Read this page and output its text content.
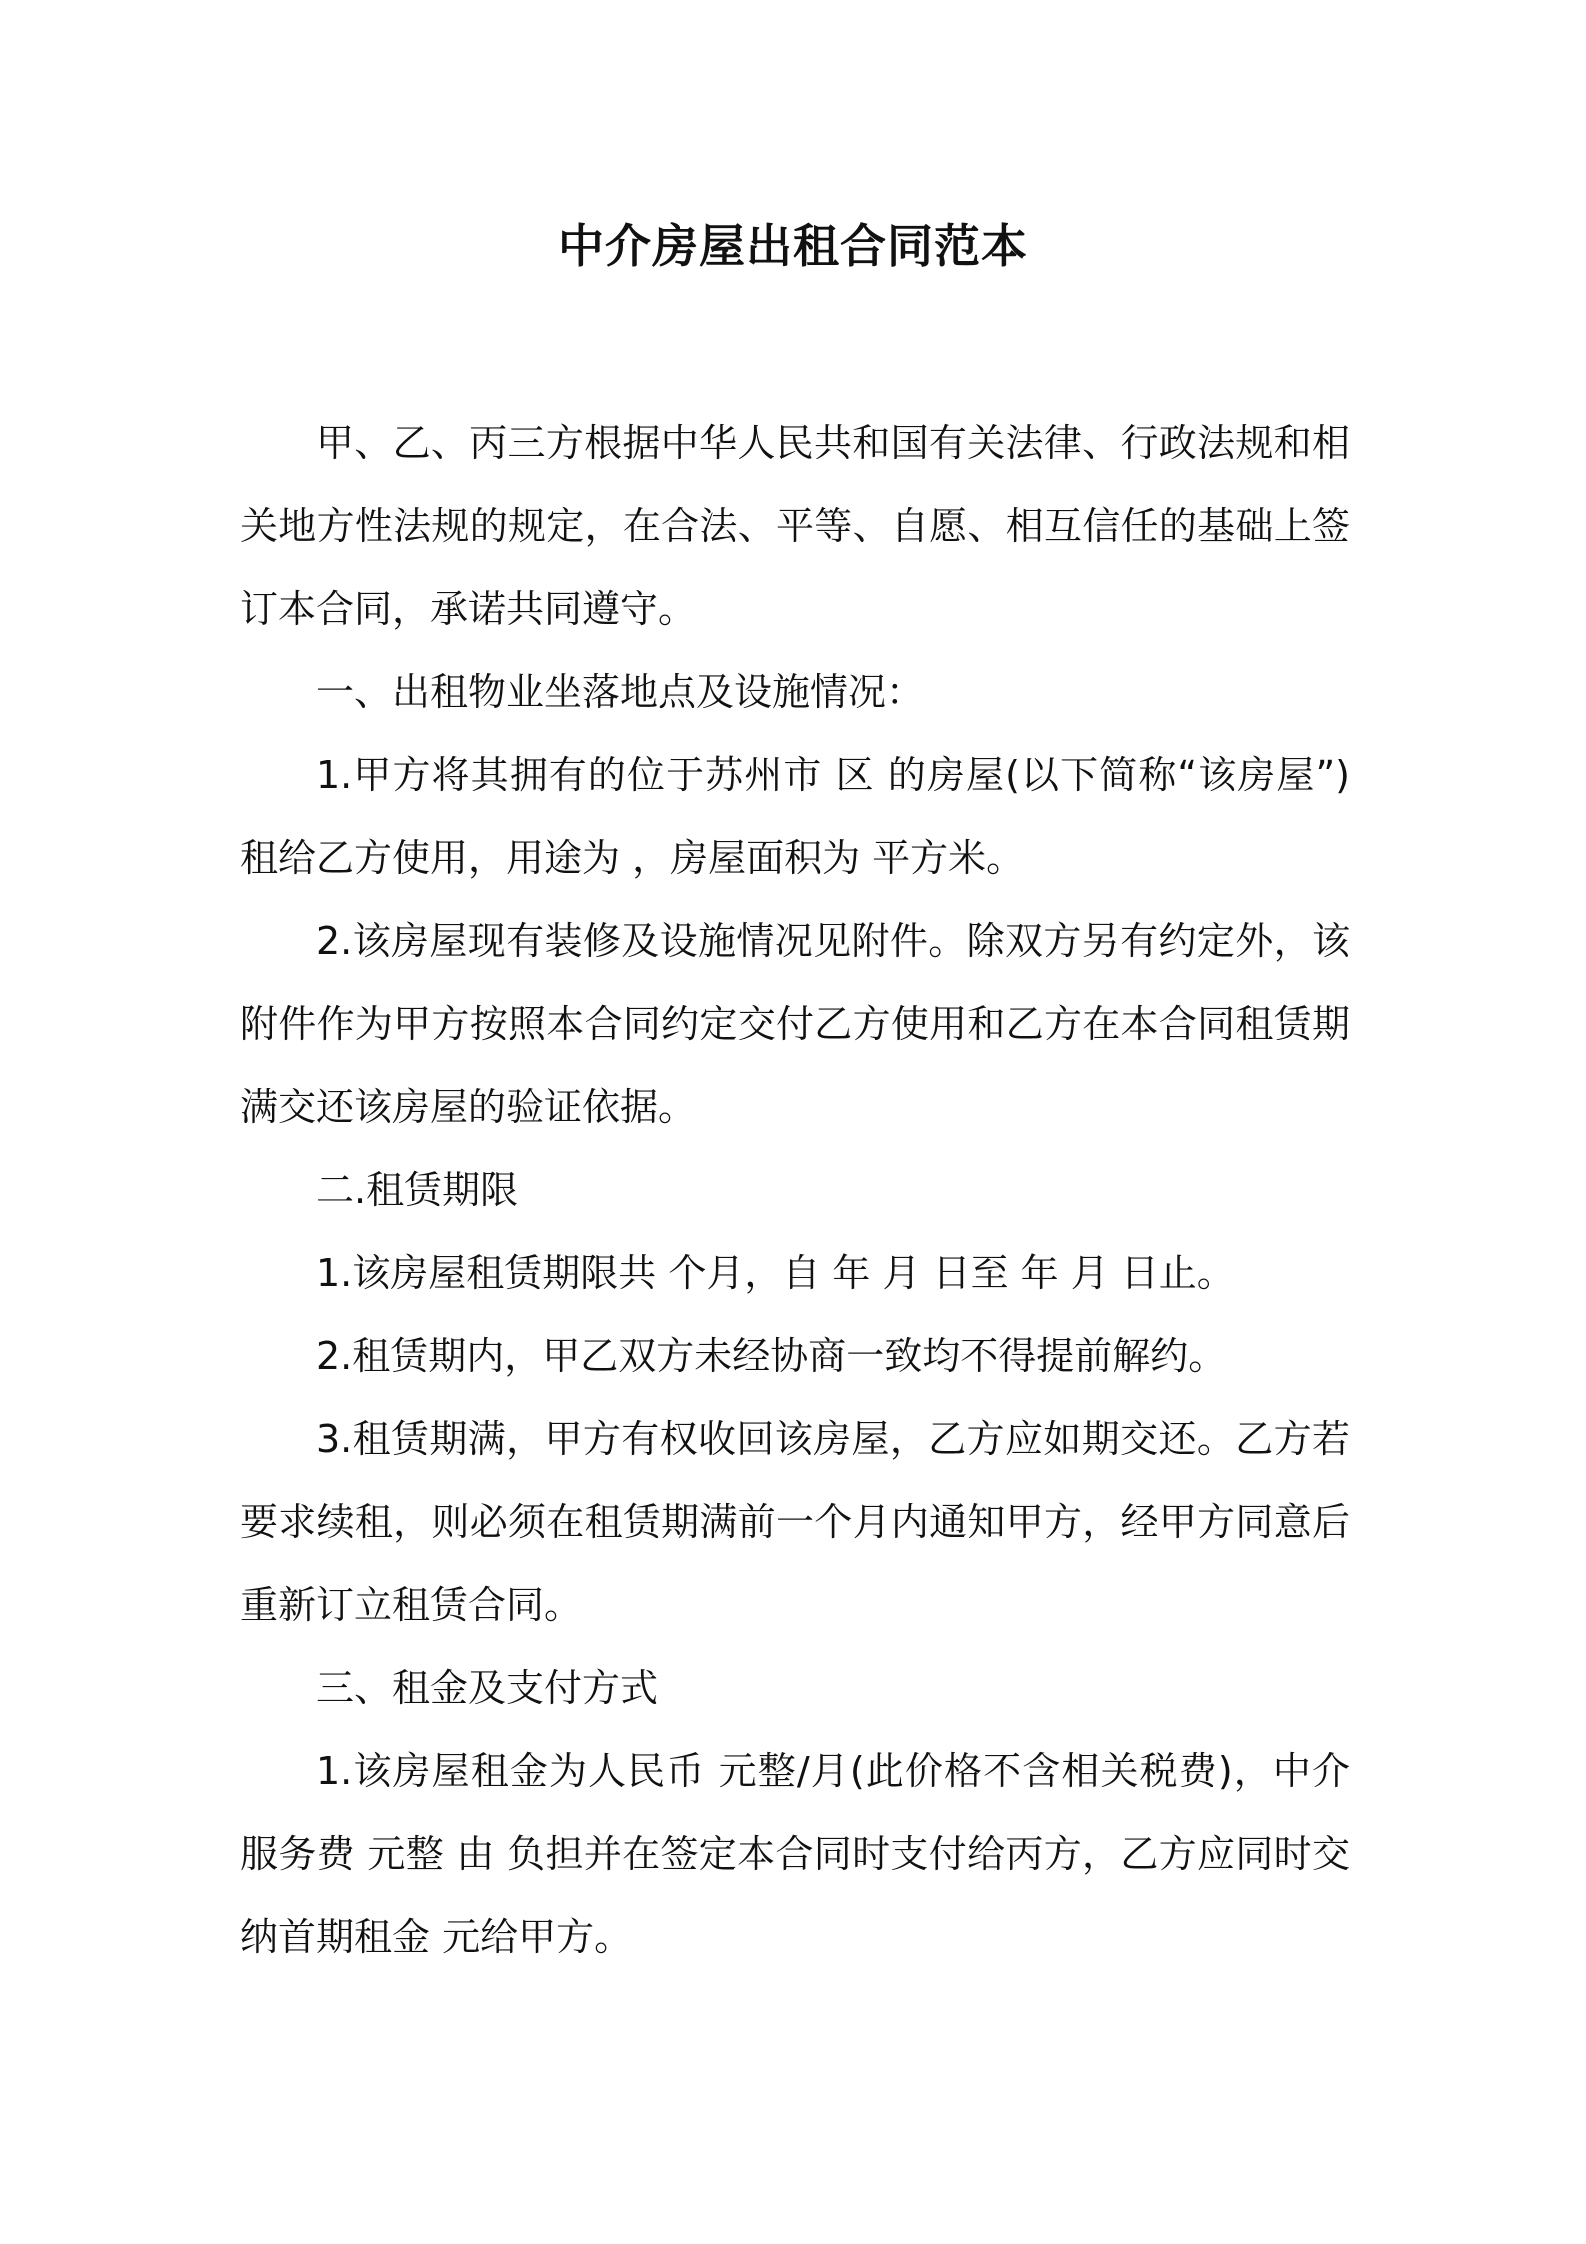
中介房屋出租合同范本

甲、乙、丙三方根据中华人民共和国有关法律、行政法规和相关地方性法规的规定，在合法、平等、自愿、相互信任的基础上签订本合同，承诺共同遵守。

一、出租物业坐落地点及设施情况：

1.甲方将其拥有的位于苏州市 区 的房屋(以下简称“该房屋”)租给乙方使用，用途为 ，房屋面积为 平方米。

2.该房屋现有装修及设施情况见附件。除双方另有约定外，该附件作为甲方按照本合同约定交付乙方使用和乙方在本合同租赁期满交还该房屋的验证依据。

二.租赁期限

1.该房屋租赁期限共 个月，自 年 月 日至 年 月 日止。

2.租赁期内，甲乙双方未经协商一致均不得提前解约。

3.租赁期满，甲方有权收回该房屋，乙方应如期交还。乙方若要求续租，则必须在租赁期满前一个月内通知甲方，经甲方同意后重新订立租赁合同。

三、租金及支付方式

1.该房屋租金为人民币 元整/月(此价格不含相关税费)，中介服务费 元整 由 负担并在签定本合同时支付给丙方，乙方应同时交纳首期租金 元给甲方。
